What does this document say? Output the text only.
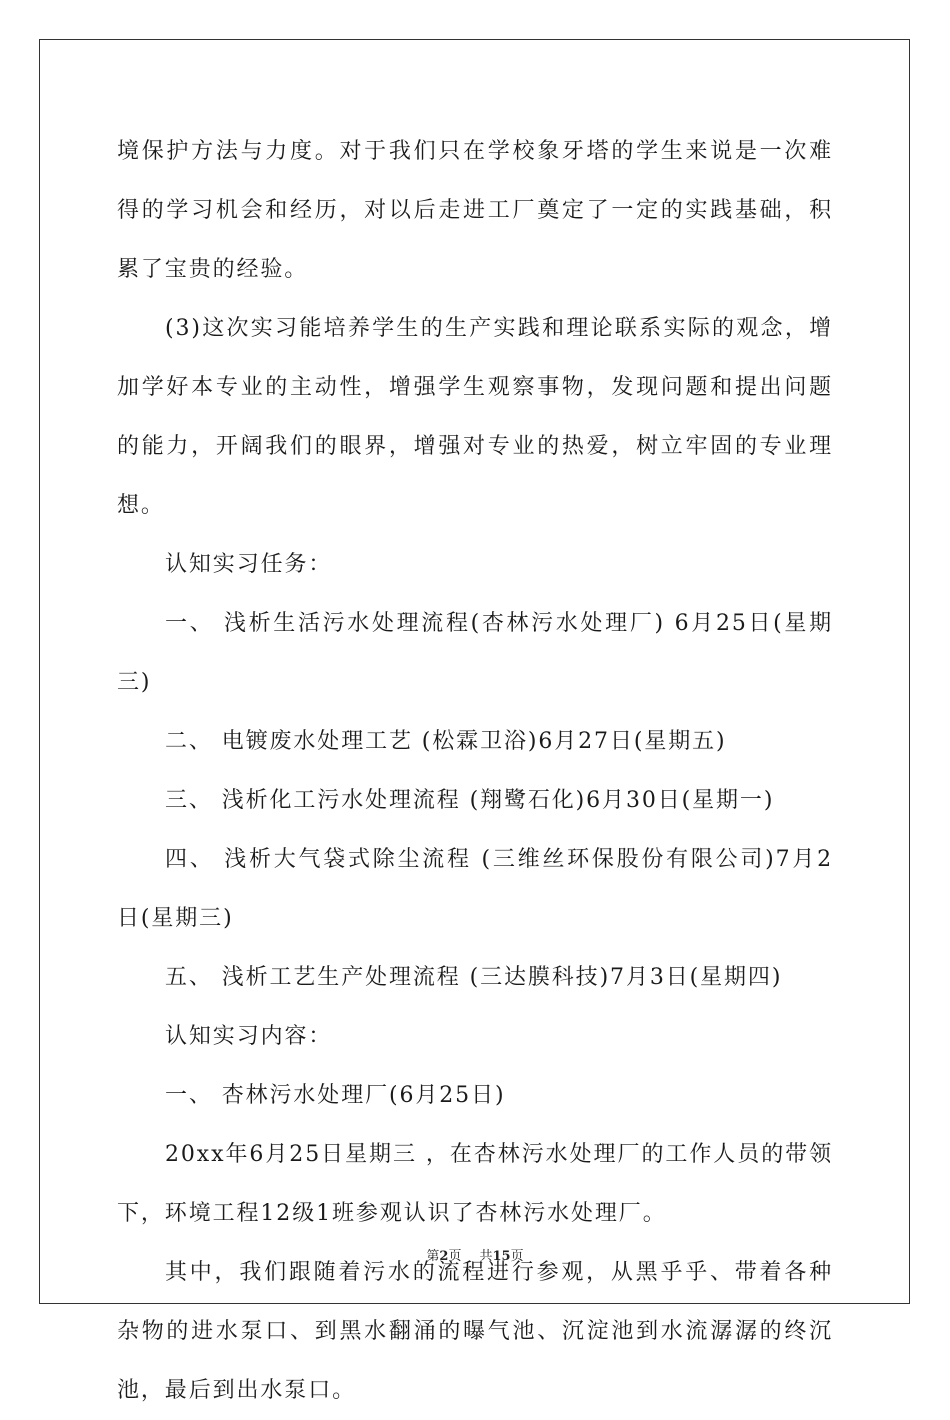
境保护方法与力度。对于我们只在学校象牙塔的学生来说是一次难得的学习机会和经历，对以后走进工厂奠定了一定的实践基础，积累了宝贵的经验。

(3)这次实习能培养学生的生产实践和理论联系实际的观念，增加学好本专业的主动性，增强学生观察事物，发现问题和提出问题的能力，开阔我们的眼界，增强对专业的热爱，树立牢固的专业理想。

认知实习任务：

一、 浅析生活污水处理流程(杏林污水处理厂) 6月25日(星期三)

二、 电镀废水处理工艺 (松霖卫浴)6月27日(星期五)

三、 浅析化工污水处理流程 (翔鹭石化)6月30日(星期一)

四、 浅析大气袋式除尘流程 (三维丝环保股份有限公司)7月2日(星期三)

五、 浅析工艺生产处理流程 (三达膜科技)7月3日(星期四)

认知实习内容：

一、 杏林污水处理厂(6月25日)

20xx年6月25日星期三 ，在杏林污水处理厂的工作人员的带领下，环境工程12级1班参观认识了杏林污水处理厂。

其中，我们跟随着污水的流程进行参观，从黑乎乎、带着各种杂物的进水泵口、到黑水翻涌的曝气池、沉淀池到水流潺潺的终沉池，最后到出水泵口。

第2页 共15页
